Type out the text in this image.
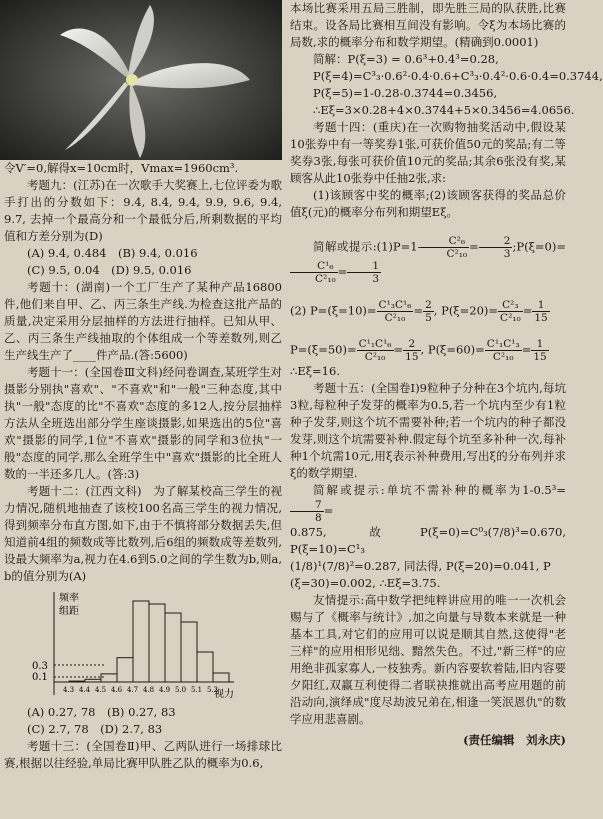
令V′=0,解得x=10cm时，Vmax=1960cm³.

考题九：(江苏)在一次歌手大奖赛上,七位评委为歌手打出的分数如下：9.4, 8.4, 9.4, 9.9, 9.6, 9.4, 9.7, 去掉一个最高分和一个最低分后,所剩数据的平均值和方差分别为(D)

(A) 9.4, 0.484　(B) 9.4, 0.016

(C) 9.5, 0.04　(D) 9.5, 0.016

考题十：(湖南)一个工厂生产了某种产品16800件,他们来自甲、乙、丙三条生产线.为检查这批产品的质量,决定采用分层抽样的方法进行抽样。已知从甲、乙、丙三条生产线抽取的个体组成一个等差数列,则乙生产线生产了____件产品.(答:5600)

考题十一：(全国卷Ⅲ文科)经问卷调查,某班学生对摄影分别执"喜欢"、"不喜欢"和"一般"三种态度,其中执"一般"态度的比"不喜欢"态度的多12人,按分层抽样方法从全班选出部分学生座谈摄影,如果选出的5位"喜欢"摄影的同学,1位"不喜欢"摄影的同学和3位执"一般"态度的同学,那么全班学生中"喜欢"摄影的比全班人数的一半还多几人。(答:3)

考题十二：(江西文科)　为了解某校高三学生的视力情况,随机地抽查了该校100名高三学生的视力情况,得到频率分布直方图,如下,由于不慎将部分数据丢失,但知道前4组的频数成等比数列,后6组的频数成等差数列,设最大频率为a,视力在4.6到5.0之间的学生数为b,则a, b的值分别为(A)

频率
组距
视力
0.3
0.1
4.3 4.4 4.5 4.6 4.7 4.8 4.9 5.0 5.1 5.2

(A) 0.27, 78　(B) 0.27, 83

(C) 2.7, 78　(D) 2.7, 83

考题十三：(全国卷Ⅱ)甲、乙两队进行一场排球比赛,根据以往经验,单局比赛甲队胜乙队的概率为0.6,

本场比赛采用五局三胜制，即先胜三局的队获胜,比赛结束。设各局比赛相互间没有影响。令ξ为本场比赛的局数,求的概率分布和数学期望。(精确到0.0001)

简解：P(ξ=3) = 0.6³+0.4³=0.28,

P(ξ=4)=C³₃·0.6²·0.4·0.6+C³₃·0.4²·0.6·0.4=0.3744,

P(ξ=5)=1-0.28-0.3744=0.3456,

∴Eξ=3×0.28+4×0.3744+5×0.3456=4.0656.

考题十四：(重庆)在一次购物抽奖活动中,假设某10张券中有一等奖券1张,可获价值50元的奖品;有二等奖券3张,每张可获价值10元的奖品;其余6张没有奖,某顾客从此10张券中任抽2张,求:

(1)该顾客中奖的概率;(2)该顾客获得的奖品总价值ξ(元)的概率分布列和期望Eξ。

简解或提示:(1)P=1- $\frac{\text{C²₆}}{\text{C²₁₀}} = \frac{2}{3}$ ;P(ξ=0)=
$\frac{\text{C¹₆}}{\text{C²₁₀}} = \frac{1}{3}$

(2) $P=(\xi=10)= \frac{\text{C¹₃C¹₆}}{\text{C²₁₀}} = \frac{2}{5}$ , $P(\xi=20)= \frac{\text{C²₃}}{\text{C²₁₀}} = \frac{1}{15}$

$P=(\xi=50)= \frac{\text{C¹₁C¹₆}}{\text{C²₁₀}} = \frac{2}{15}$ , $P(\xi=60)= \frac{\text{C¹₁C¹₃}}{\text{C²₁₀}} = \frac{1}{15}$

∴Eξ=16.

考题十五：(全国卷Ⅰ)9粒种子分种在3个坑内,每坑3粒,每粒种子发芽的概率为0.5,若一个坑内至少有1粒种子发芽,则这个坑不需要补种;若一个坑内的种子都没发芽,则这个坑需要补种.假定每个坑至多补种一次,每补种1个坑需10元,用ξ表示补种费用,写出ξ的分布列并求ξ的数学期望.

简解或提示:单坑不需补种的概率为1-0.5³=
$\frac{7}{8}$ =

0.875, 故P(ξ=0)=C⁰₃(7/8)³=0.670, P(ξ=10)=C¹₃

(1/8)¹(7/8)²=0.287, 同法得, P(ξ=20)=0.041, P

(ξ=30)=0.002, ∴Eξ=3.75.

友情提示:高中数学把纯粹讲应用的唯一一次机会赐与了《概率与统计》,加之向量与导数本来就是一种基本工具,对它们的应用可以说是顺其自然,这使得"老三样"的应用相形见绌、黯然失色。不过,"新三样"的应用绝非孤家寡人,一枝独秀。新内容要软着陆,旧内容要夕阳红,双赢互利使得二者联袂推就出高考应用题的前沿动向,演绎成"度尽劫波兄弟在,相逢一笑泯恩仇"的数学应用悲喜剧。

(责任编辑　刘永庆)
